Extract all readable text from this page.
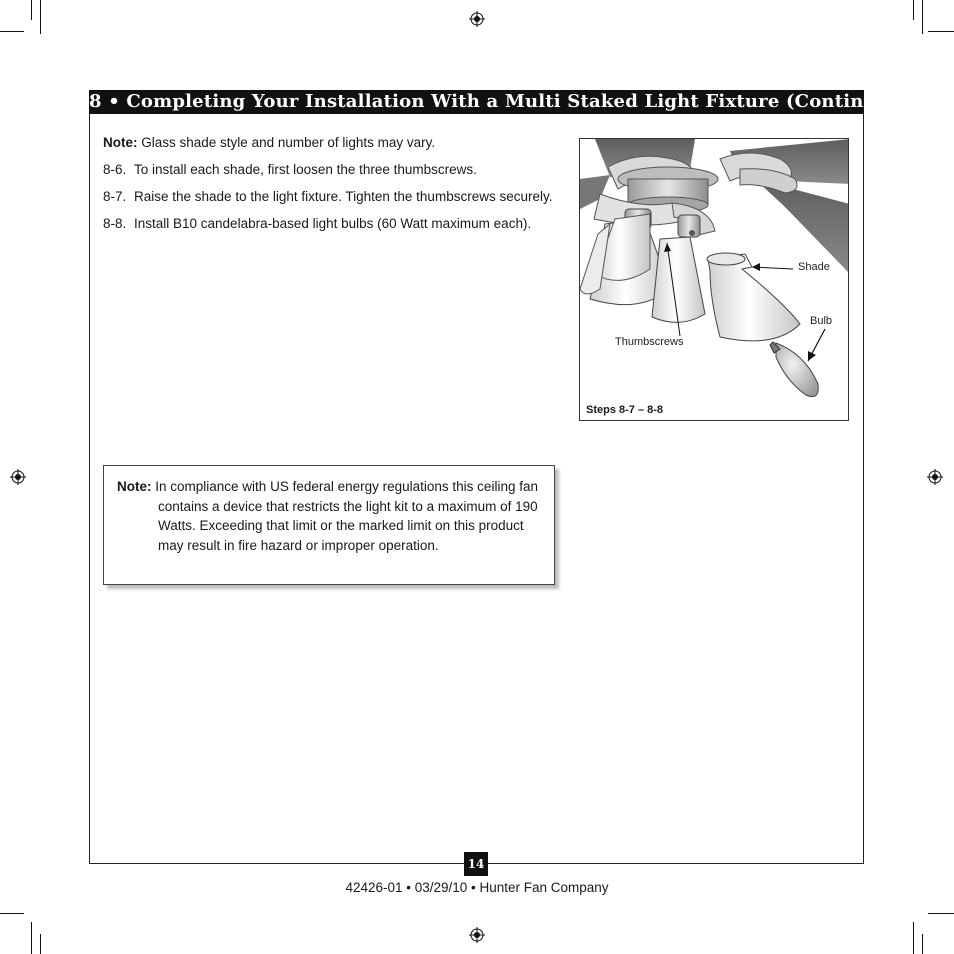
8 • Completing Your Installation With a Multi Staked Light Fixture (Continued)

Note: Glass shade style and number of lights may vary.

8-6. To install each shade, first loosen the three thumbscrews.
8-7. Raise the shade to the light fixture. Tighten the thumbscrews securely.
8-8. Install B10 candelabra-based light bulbs (60 Watt maximum each).
Shade
Bulb
Thumbscrews
Steps 8-7 – 8-8
Note: In compliance with US federal energy regulations this ceiling fan contains a device that restricts the light kit to a maximum of 190 Watts. Exceeding that limit or the marked limit on this product may result in fire hazard or improper operation.
14
42426-01 • 03/29/10 • Hunter Fan Company
